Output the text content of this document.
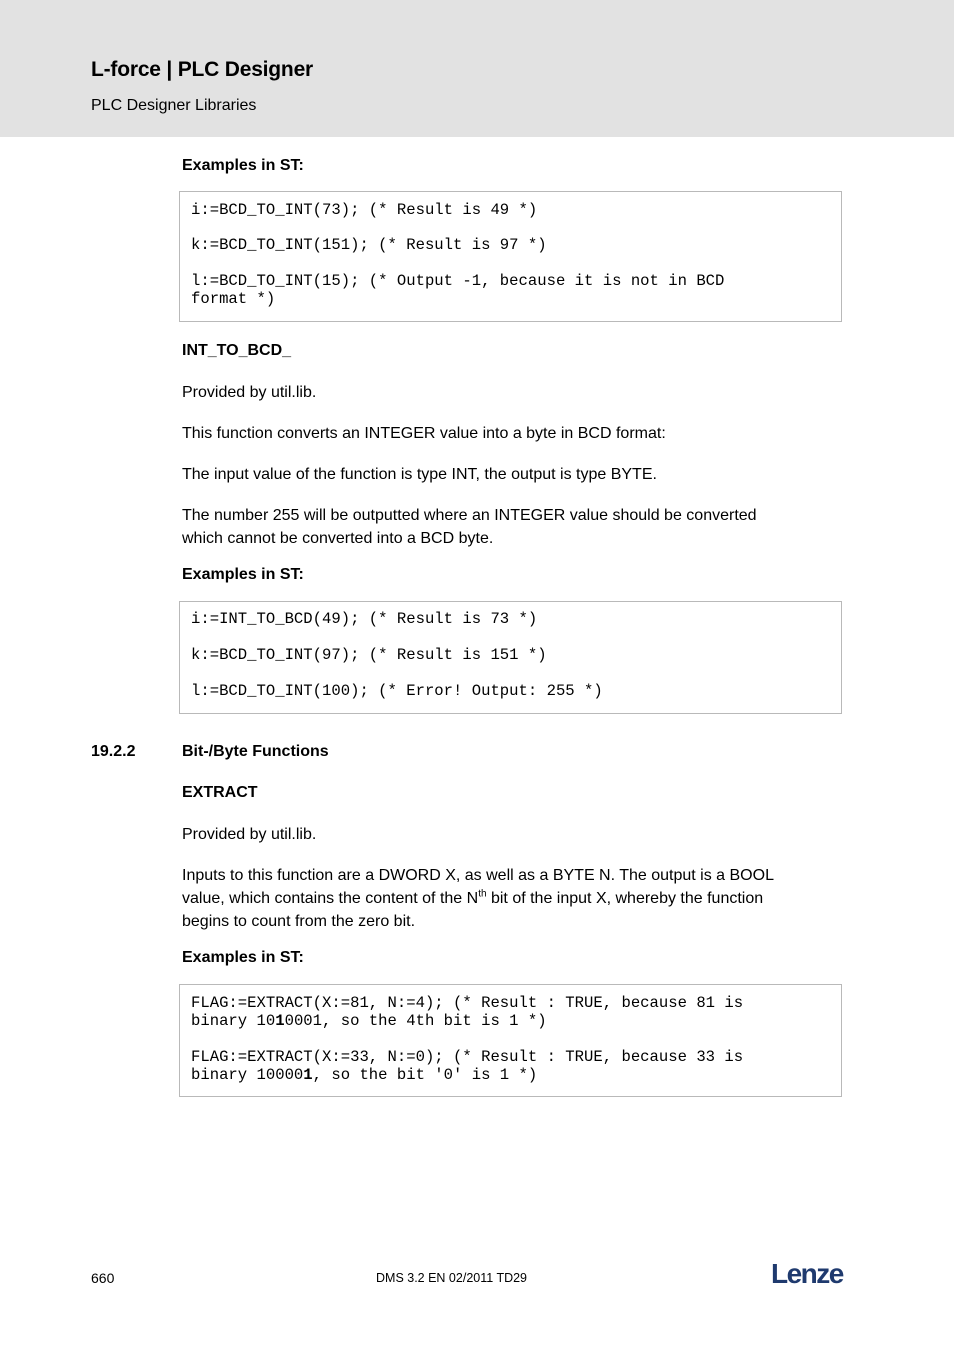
L-force | PLC Designer
PLC Designer Libraries
Examples in ST:
i:=BCD_TO_INT(73); (* Result is 49 *)
k:=BCD_TO_INT(151); (* Result is 97 *)
l:=BCD_TO_INT(15); (* Output -1, because it is not in BCD
format *)
INT_TO_BCD_
Provided by util.lib.
This function converts an INTEGER value into a byte in BCD format:
The input value of the function is type INT, the output is type BYTE.
The number 255 will be outputted where an INTEGER value should be converted
which cannot be converted into a BCD byte.
Examples in ST:
i:=INT_TO_BCD(49); (* Result is 73 *)
k:=BCD_TO_INT(97); (* Result is 151 *)
l:=BCD_TO_INT(100); (* Error! Output: 255 *)
19.2.2	Bit-/Byte Functions
EXTRACT
Provided by util.lib.
Inputs to this function are a DWORD X, as well as a BYTE N. The output is a BOOL
value, which contains the content of the $N^{th}$ bit of the input X, whereby the function
begins to count from the zero bit.
Examples in ST:
FLAG:=EXTRACT(X:=81, N:=4); (* Result : TRUE, because 81 is
binary 1010001, so the 4th bit is 1 *)
FLAG:=EXTRACT(X:=33, N:=0); (* Result : TRUE, because 33 is
binary 100001, so the bit '0' is 1 *)
660	DMS 3.2 EN 02/2011 TD29	Lenze
